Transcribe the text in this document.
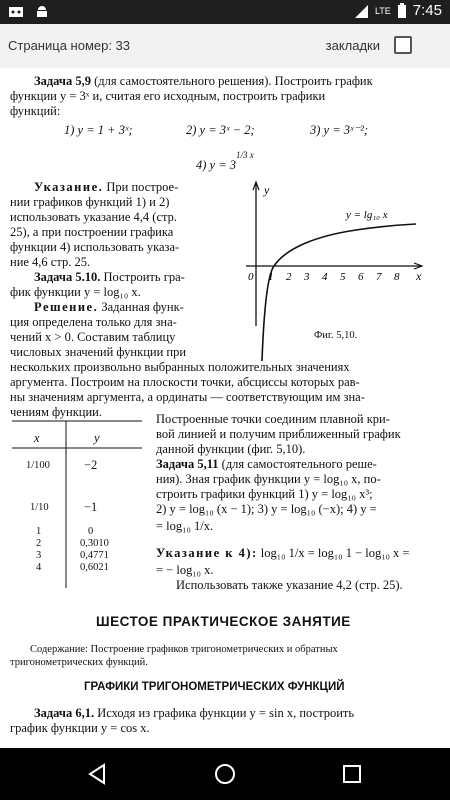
LTE 7:45
Страница номер: 33	закладки
Задача 5,9 (для самостоятельного решения). Построить график
функции y = 3ˣ и, считая его исходным, построить графики
функций:
1) y = 1 + 3ˣ;	2) y = 3ˣ − 2;	3) y = 3ˣ⁻²;
4) $y = 3^{1/3 x}$
Указание. При построе-
нии графиков функций 1) и 2)
использовать указание 4,4 (стр.
25), а при построении графика
функции 4) использовать указа-
ние 4,6 стр. 25.
Задача 5.10. Построить гра-
фик функции y = log₁₀ x.
Решение. Заданная функ-
ция определена только для зна-
чений x > 0. Составим таблицу
числовых значений функции при
y
x
0 1 2 3 4 5 6 7 8
y = lg₁₀ x
Фиг. 5,10.
нескольких произвольно выбранных положительных значениях
аргумента. Построим на плоскости точки, абсциссы которых рав-
ны значениям аргумента, а ординаты — соответствующим им зна-
чениям функции.
x	y
1/100	−2
1/10	−1
1	0
2	0,3010
3	0,4771
4	0,6021
Построенные точки соединим плавной кри-
вой линией и получим приближенный график
данной функции (фиг. 5,10).
Задача 5,11 (для самостоятельного реше-
ния). Зная график функции y = log₁₀ x, по-
строить графики функций 1) y = log₁₀ x³;
2) y = log₁₀ (x − 1); 3) y = log₁₀ (−x); 4) y =
= log₁₀ 1/x.
Указание к 4): log₁₀ 1/x = log₁₀ 1 − log₁₀ x =
= − log₁₀ x.
Использовать также указание 4,2 (стр. 25).
ШЕСТОЕ ПРАКТИЧЕСКОЕ ЗАНЯТИЕ
Содержание: Построение графиков тригонометрических и обратных
тригонометрических функций.
ГРАФИКИ ТРИГОНОМЕТРИЧЕСКИХ ФУНКЦИЙ
Задача 6,1. Исходя из графика функции y = sin x, построить
график функции y = cos x.
